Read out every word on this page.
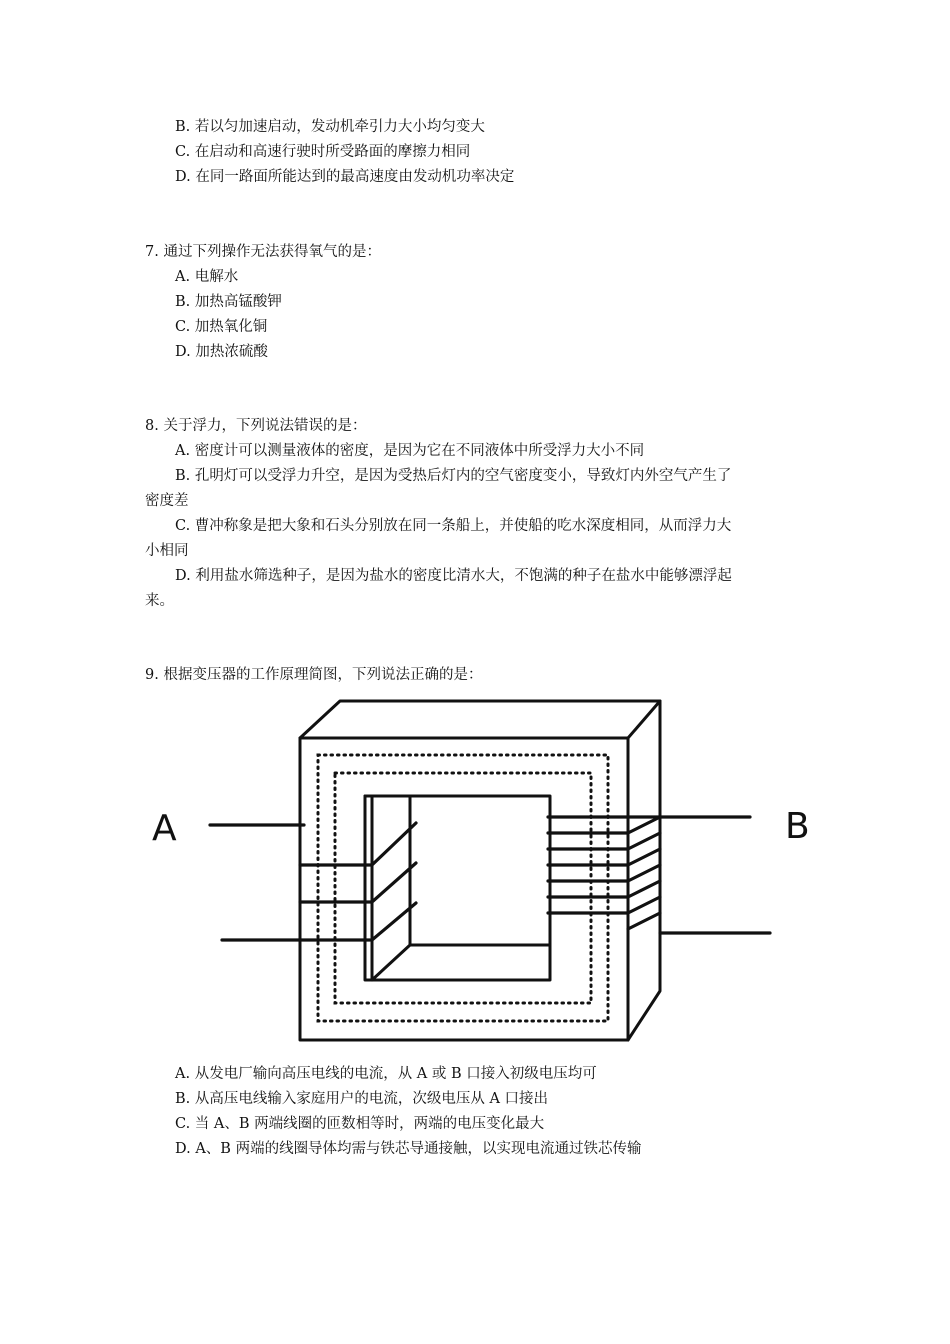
B. 若以匀加速启动，发动机牵引力大小均匀变大
C. 在启动和高速行驶时所受路面的摩擦力相同
D. 在同一路面所能达到的最高速度由发动机功率决定
7. 通过下列操作无法获得氧气的是：
A. 电解水
B. 加热高锰酸钾
C. 加热氧化铜
D. 加热浓硫酸
8. 关于浮力，下列说法错误的是：
A. 密度计可以测量液体的密度，是因为它在不同液体中所受浮力大小不同
B. 孔明灯可以受浮力升空，是因为受热后灯内的空气密度变小，导致灯内外空气产生了
密度差
C. 曹冲称象是把大象和石头分别放在同一条船上，并使船的吃水深度相同，从而浮力大
小相同
D. 利用盐水筛选种子，是因为盐水的密度比清水大，不饱满的种子在盐水中能够漂浮起
来。
9. 根据变压器的工作原理简图，下列说法正确的是：
A	B
A. 从发电厂输向高压电线的电流，从 A 或 B 口接入初级电压均可
B. 从高压电线输入家庭用户的电流，次级电压从 A 口接出
C. 当 A、B 两端线圈的匝数相等时，两端的电压变化最大
D. A、B 两端的线圈导体均需与铁芯导通接触，以实现电流通过铁芯传输
